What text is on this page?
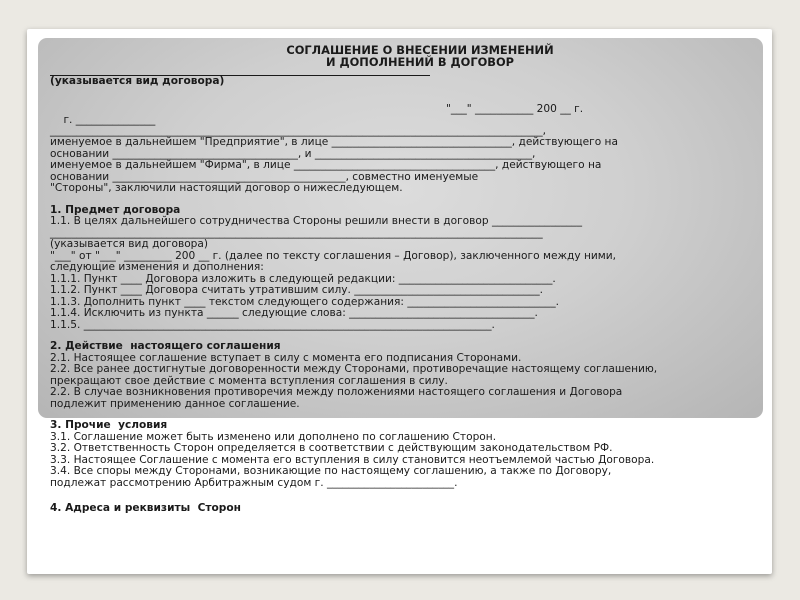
СОГЛАШЕНИЕ О ВНЕСЕНИИ ИЗМЕНЕНИЙ
И ДОПОЛНЕНИЙ В ДОГОВОР
(указывается вид договора)

г. _______________

"___" ___________ 200 __ г.

_____________________________________________________________________________________________,
именуемое в дальнейшем "Предприятие", в лице __________________________________, действующего на
основании ___________________________________, и _________________________________________,
именуемое в дальнейшем "Фирма", в лице ______________________________________, действующего на
основании ____________________________________________, совместно именуемые
"Стороны", заключили настоящий договор о нижеследующем.
1. Предмет договора
1.1. В целях дальнейшего сотрудничества Стороны решили внести в договор _________________
_____________________________________________________________________________________________
(указывается вид договора)
"___" от "___" _________ 200 __ г. (далее по тексту соглашения – Договор), заключенного между ними,
следующие изменения и дополнения:
1.1.1. Пункт ____ Договора изложить в следующей редакции: _____________________________.
1.1.2. Пункт ____ Договора считать утратившим силу. ___________________________________.
1.1.3. Дополнить пункт ____ текстом следующего содержания: ____________________________.
1.1.4. Исключить из пункта ______ следующие слова: ___________________________________.
1.1.5. _____________________________________________________________________________.
2. Действие  настоящего соглашения
2.1. Настоящее соглашение вступает в силу с момента его подписания Сторонами.
2.2. Все ранее достигнутые договоренности между Сторонами, противоречащие настоящему соглашению,
прекращают свое действие с момента вступления соглашения в силу.
2.2. В случае возникновения противоречия между положениями настоящего соглашения и Договора
подлежит применению данное соглашение.
3. Прочие  условия
3.1. Соглашение может быть изменено или дополнено по соглашению Сторон.
3.2. Ответственность Сторон определяется в соответствии с действующим законодательством РФ.
3.3. Настоящее Соглашение с момента его вступления в силу становится неотъемлемой частью Договора.
3.4. Все споры между Сторонами, возникающие по настоящему соглашению, а также по Договору,
подлежат рассмотрению Арбитражным судом г. ________________________.
4. Адреса и реквизиты  Сторон
